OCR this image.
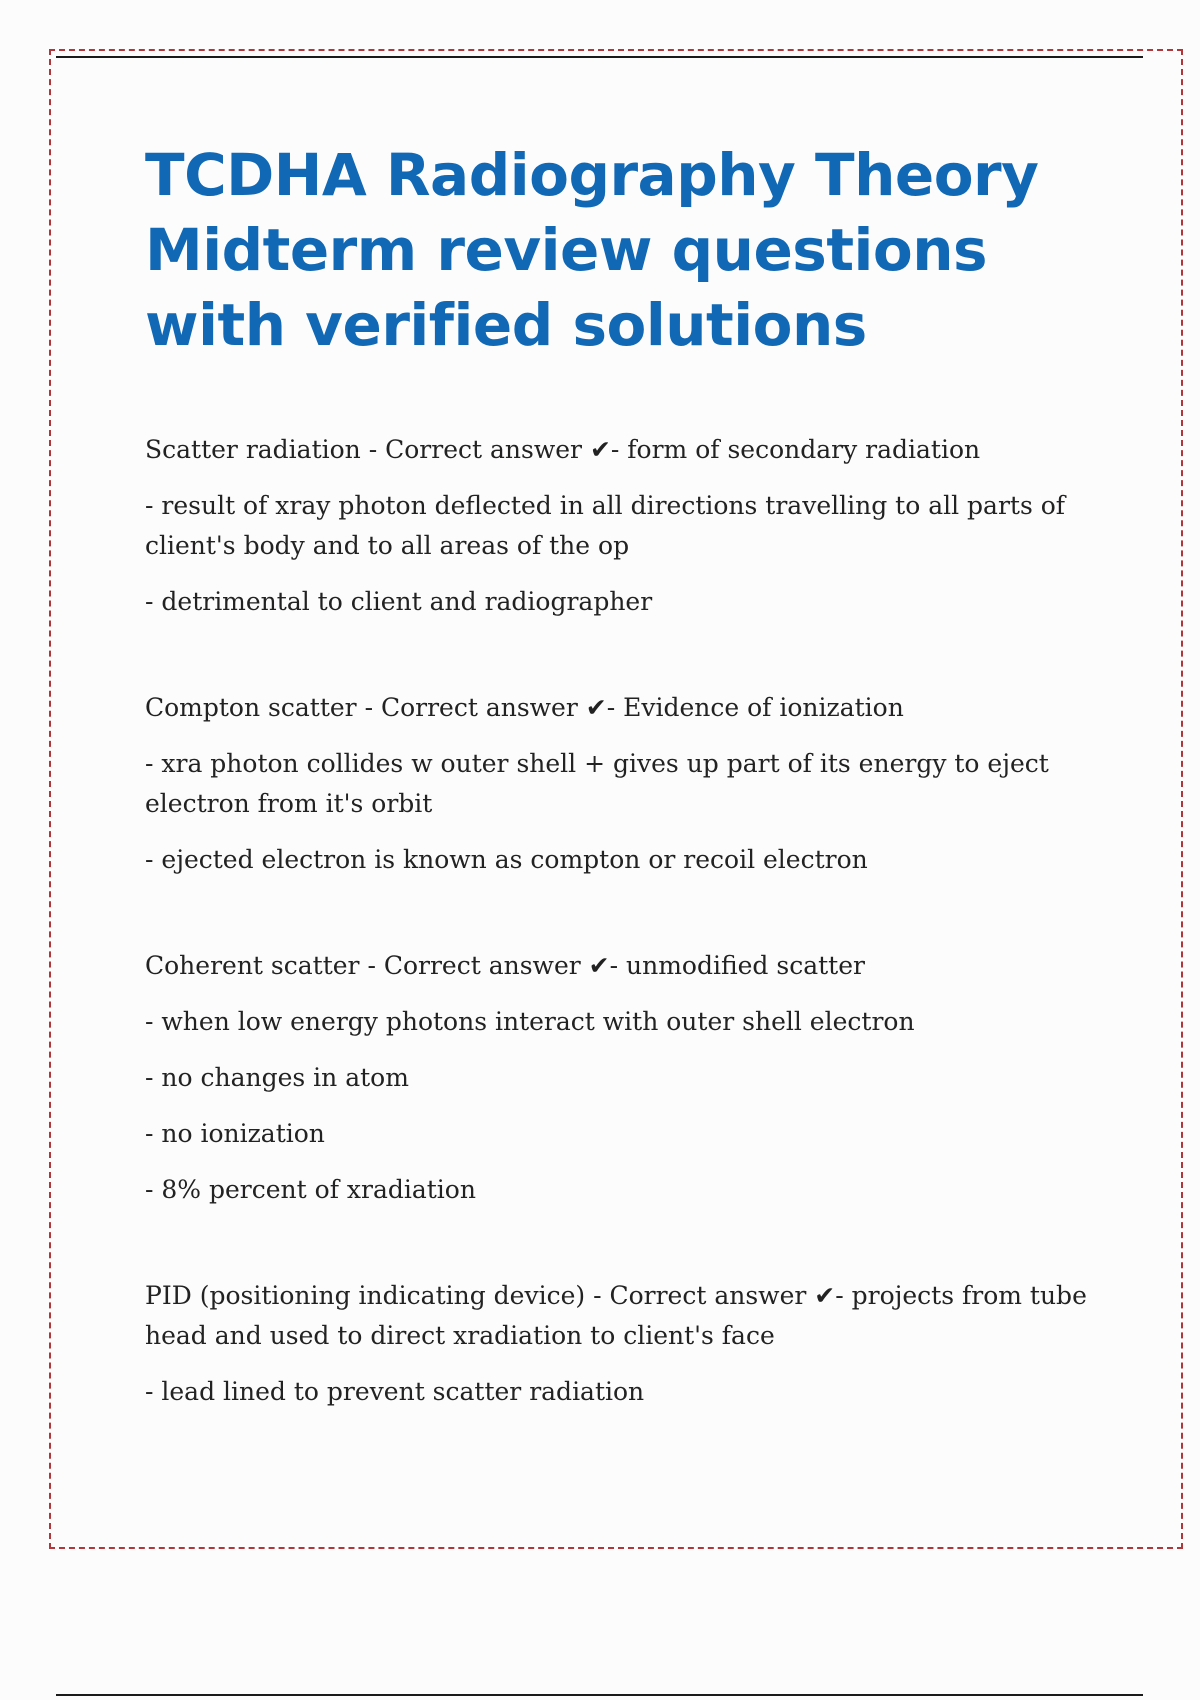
TCDHA Radiography Theory
Midterm review questions
with verified solutions

Scatter radiation - Correct answer ✔- form of secondary radiation

- result of xray photon deflected in all directions travelling to all parts of client's body and to all areas of the op

- detrimental to client and radiographer

Compton scatter - Correct answer ✔- Evidence of ionization

- xra photon collides w outer shell + gives up part of its energy to eject electron from it's orbit

- ejected electron is known as compton or recoil electron

Coherent scatter - Correct answer ✔- unmodified scatter

- when low energy photons interact with outer shell electron

- no changes in atom

- no ionization

- 8% percent of xradiation

PID (positioning indicating device) - Correct answer ✔- projects from tube head and used to direct xradiation to client's face

- lead lined to prevent scatter radiation
